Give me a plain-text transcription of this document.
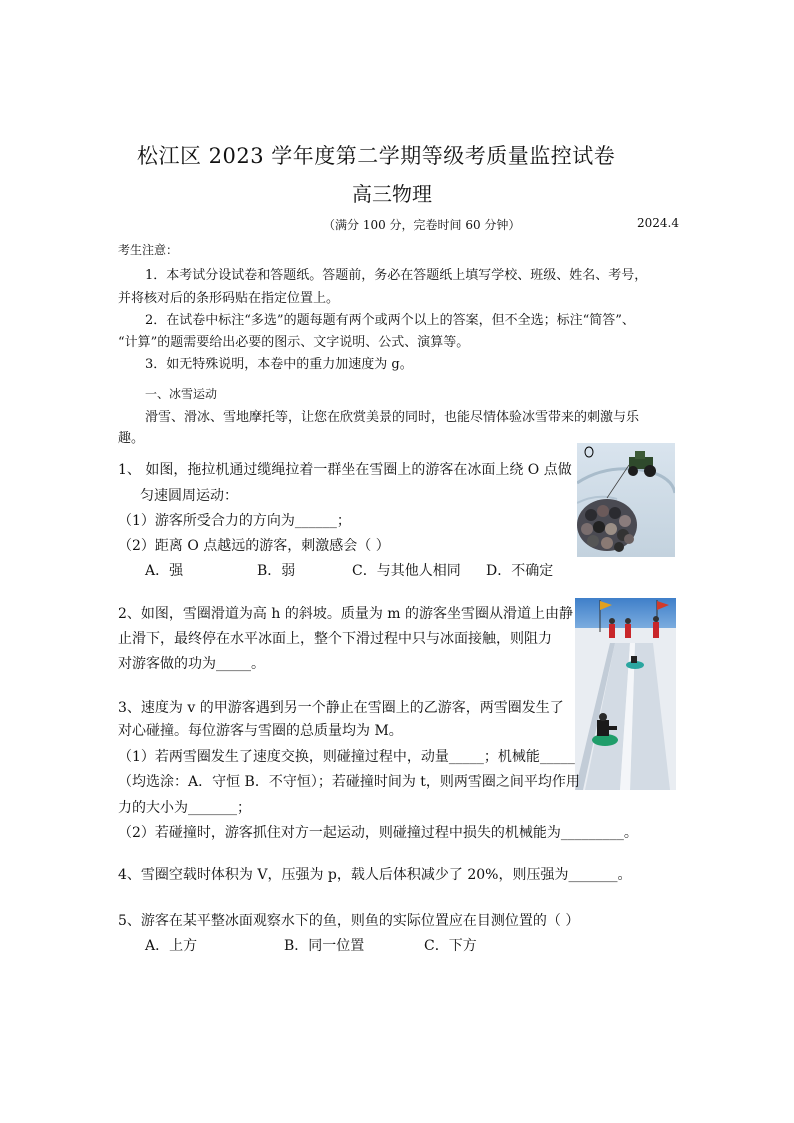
松江区 2023 学年度第二学期等级考质量监控试卷
高三物理
（满分 100 分，完卷时间 60 分钟）	2024.4
考生注意：
1．本考试分设试卷和答题纸。答题前，务必在答题纸上填写学校、班级、姓名、考号，
并将核对后的条形码贴在指定位置上。
2．在试卷中标注“多选”的题每题有两个或两个以上的答案，但不全选；标注“简答”、
“计算”的题需要给出必要的图示、文字说明、公式、演算等。
3．如无特殊说明，本卷中的重力加速度为 g。
一、冰雪运动
滑雪、滑冰、雪地摩托等，让您在欣赏美景的同时，也能尽情体验冰雪带来的刺激与乐
趣。
1、 如图，拖拉机通过缆绳拉着一群坐在雪圈上的游客在冰面上绕 O 点做
匀速圆周运动：
（1）游客所受合力的方向为______；
（2）距离 O 点越远的游客，刺激感会（ ）
A．强	B．弱	C．与其他人相同 D．不确定
2、如图，雪圈滑道为高 h 的斜坡。质量为 m 的游客坐雪圈从滑道上由静
止滑下，最终停在水平冰面上，整个下滑过程中只与冰面接触，则阻力
对游客做的功为_____。
3、速度为 v 的甲游客遇到另一个静止在雪圈上的乙游客，两雪圈发生了
对心碰撞。每位游客与雪圈的总质量均为 M。
（1）若两雪圈发生了速度交换，则碰撞过程中，动量_____；机械能_____
（均选涂：A．守恒 B．不守恒）；若碰撞时间为 t，则两雪圈之间平均作用
力的大小为_______；
（2）若碰撞时，游客抓住对方一起运动，则碰撞过程中损失的机械能为_________。
4、雪圈空载时体积为 V，压强为 p，载人后体积减少了 20%，则压强为_______。
5、游客在某平整冰面观察水下的鱼，则鱼的实际位置应在目测位置的（ ）
A．上方	B．同一位置	C．下方
